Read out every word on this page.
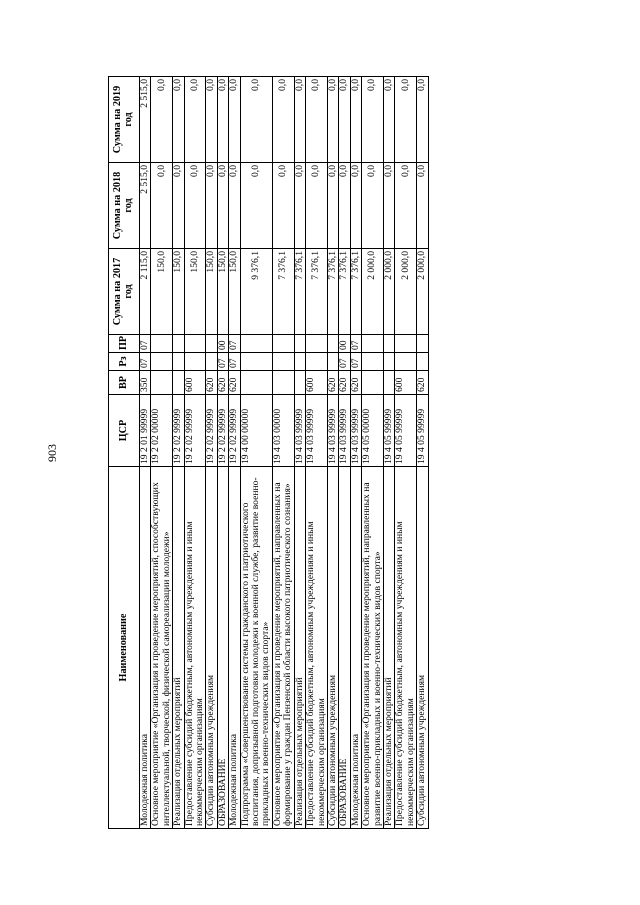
903
Наименование	ЦСР	ВР	Рз	ПР	Сумма на 2017 год	Сумма на 2018 год	Сумма на 2019 год
Молодежная политика	19 2 01 99999	350	07	07	2 115,0	2 515,0	2 515,0
Основное мероприятие «Организация и проведение мероприятий, способствующих интеллектуальной, творческой, физической самореализации молодежи»	19 2 02 00000				150,0	0,0	0,0
Реализация отдельных мероприятий	19 2 02 99999				150,0	0,0	0,0
Предоставление субсидий бюджетным, автономным учреждениям и иным некоммерческим организациям	19 2 02 99999	600			150,0	0,0	0,0
Субсидии автономным учреждениям	19 2 02 99999	620			150,0	0,0	0,0
ОБРАЗОВАНИЕ	19 2 02 99999	620	07	00	150,0	0,0	0,0
Молодежная политика	19 2 02 99999	620	07	07	150,0	0,0	0,0
Подпрограмма «Совершенствование системы гражданского и патриотического воспитания, допризывной подготовки молодежи к военной службе, развитие военно-прикладных и военно-технических видов спорта»	19 4 00 00000				9 376,1	0,0	0,0
Основное мероприятие «Организация и проведение мероприятий, направленных на формирование у граждан Пензенской области высокого патриотического сознания»	19 4 03 00000				7 376,1	0,0	0,0
Реализация отдельных мероприятий	19 4 03 99999				7 376,1	0,0	0,0
Предоставление субсидий бюджетным, автономным учреждениям и иным некоммерческим организациям	19 4 03 99999	600			7 376,1	0,0	0,0
Субсидии автономным учреждениям	19 4 03 99999	620			7 376,1	0,0	0,0
ОБРАЗОВАНИЕ	19 4 03 99999	620	07	00	7 376,1	0,0	0,0
Молодежная политика	19 4 03 99999	620	07	07	7 376,1	0,0	0,0
Основное мероприятие «Организация и проведение мероприятий, направленных на развитие военно-прикладных и военно-технических видов спорта»	19 4 05 00000				2 000,0	0,0	0,0
Реализация отдельных мероприятий	19 4 05 99999				2 000,0	0,0	0,0
Предоставление субсидий бюджетным, автономным учреждениям и иным некоммерческим организациям	19 4 05 99999	600			2 000,0	0,0	0,0
Субсидии автономным учреждениям	19 4 05 99999	620			2 000,0	0,0	0,0
